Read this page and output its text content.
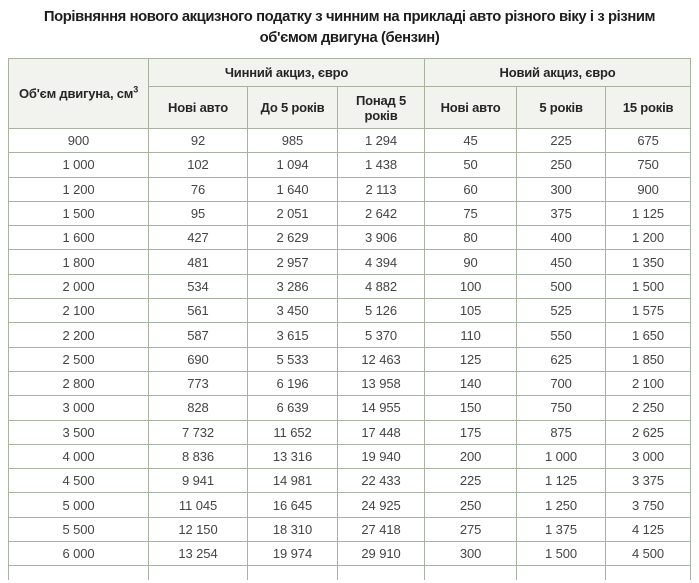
Порівняння нового акцизного податку з чинним на прикладі авто різного віку і з різним
об'ємом двигуна (бензин)
Об'єм двигуна, $см^3$	Чинний акциз, євро			Новий акциз, євро		
	Нові авто	До 5 років	Понад 5 років	Нові авто	5 років	15 років
900	92	985	1 294	45	225	675
1 000	102	1 094	1 438	50	250	750
1 200	76	1 640	2 113	60	300	900
1 500	95	2 051	2 642	75	375	1 125
1 600	427	2 629	3 906	80	400	1 200
1 800	481	2 957	4 394	90	450	1 350
2 000	534	3 286	4 882	100	500	1 500
2 100	561	3 450	5 126	105	525	1 575
2 200	587	3 615	5 370	110	550	1 650
2 500	690	5 533	12 463	125	625	1 850
2 800	773	6 196	13 958	140	700	2 100
3 000	828	6 639	14 955	150	750	2 250
3 500	7 732	11 652	17 448	175	875	2 625
4 000	8 836	13 316	19 940	200	1 000	3 000
4 500	9 941	14 981	22 433	225	1 125	3 375
5 000	11 045	16 645	24 925	250	1 250	3 750
5 500	12 150	18 310	27 418	275	1 375	4 125
6 000	13 254	19 974	29 910	300	1 500	4 500
